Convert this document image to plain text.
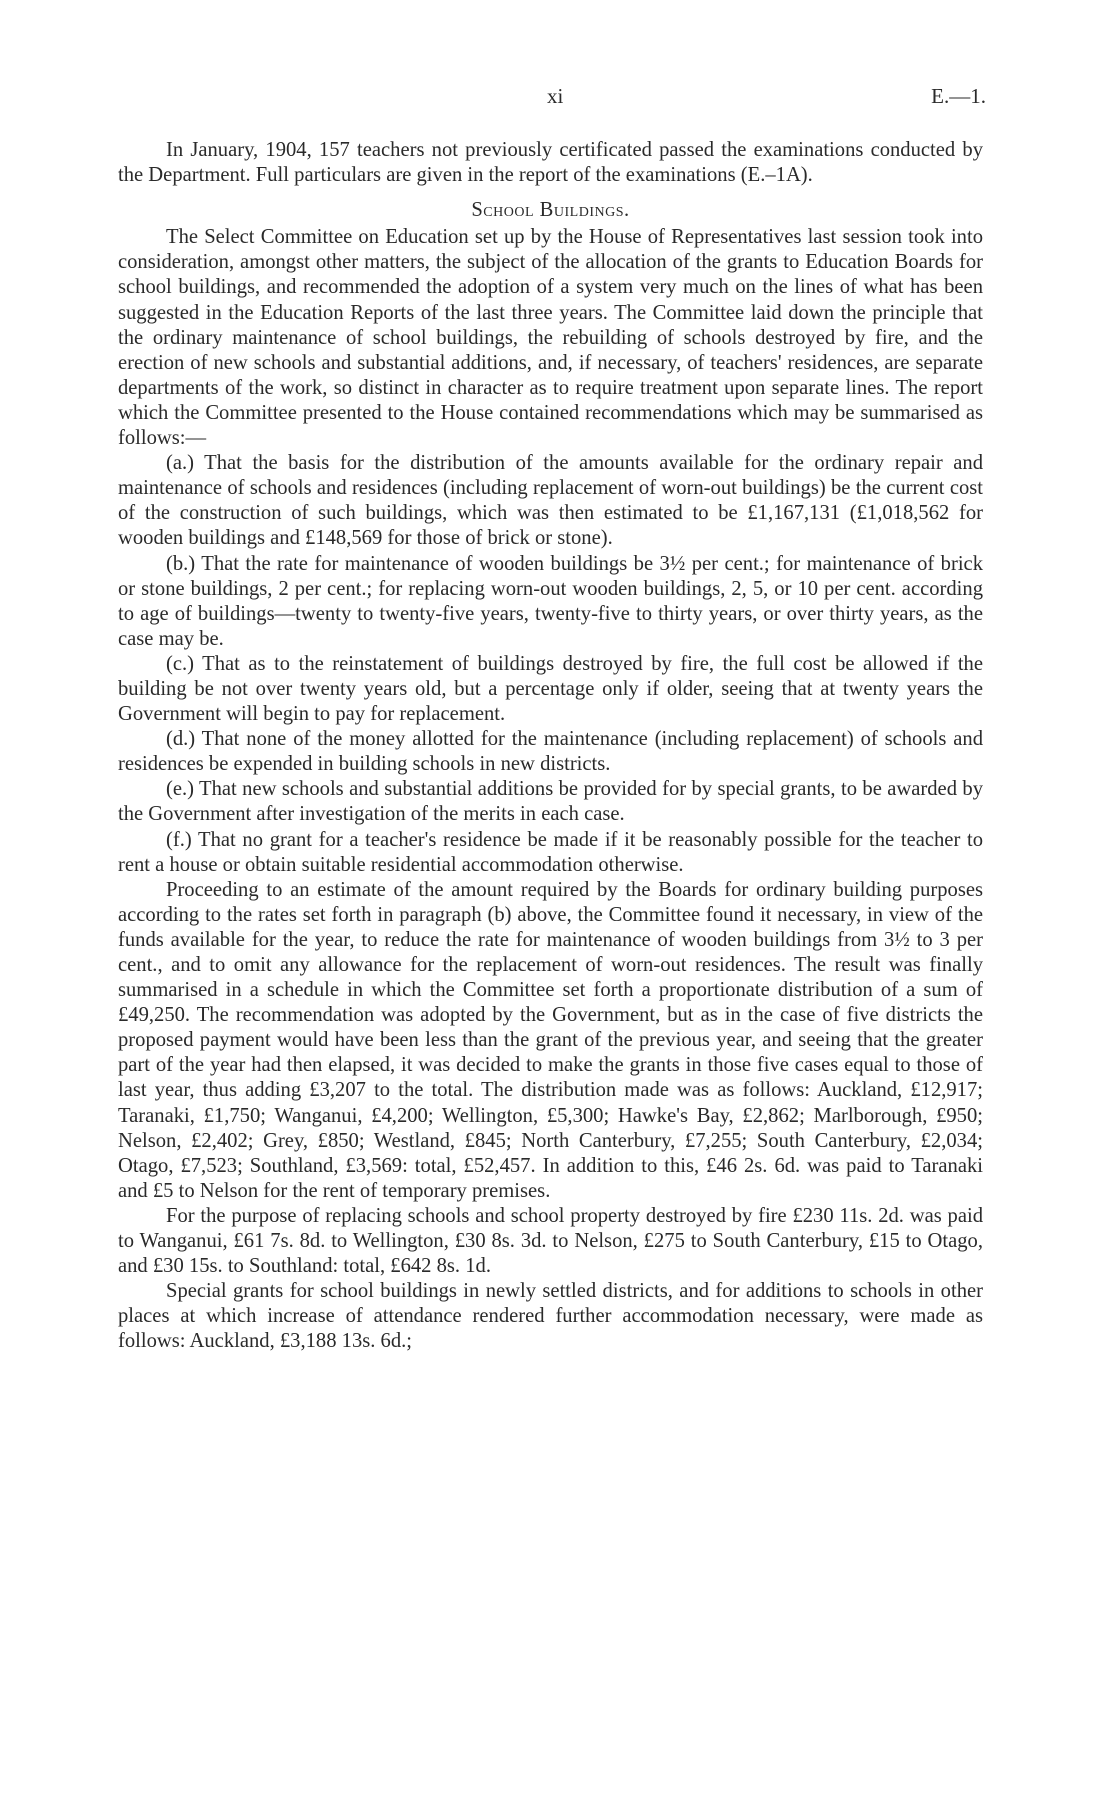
xi	E.—1.

In January, 1904, 157 teachers not previously certificated passed the examinations conducted by the Department. Full particulars are given in the report of the examinations (E.–1A).

School Buildings.

The Select Committee on Education set up by the House of Representatives last session took into consideration, amongst other matters, the subject of the allocation of the grants to Education Boards for school buildings, and recommended the adoption of a system very much on the lines of what has been suggested in the Education Reports of the last three years. The Committee laid down the principle that the ordinary maintenance of school buildings, the rebuilding of schools destroyed by fire, and the erection of new schools and substantial additions, and, if necessary, of teachers' residences, are separate departments of the work, so distinct in character as to require treatment upon separate lines. The report which the Committee presented to the House contained recommendations which may be summarised as follows:—

(a.) That the basis for the distribution of the amounts available for the ordinary repair and maintenance of schools and residences (including replacement of worn-out buildings) be the current cost of the construction of such buildings, which was then estimated to be £1,167,131 (£1,018,562 for wooden buildings and £148,569 for those of brick or stone).

(b.) That the rate for maintenance of wooden buildings be 3½ per cent.; for maintenance of brick or stone buildings, 2 per cent.; for replacing worn-out wooden buildings, 2, 5, or 10 per cent. according to age of buildings—twenty to twenty-five years, twenty-five to thirty years, or over thirty years, as the case may be.

(c.) That as to the reinstatement of buildings destroyed by fire, the full cost be allowed if the building be not over twenty years old, but a percentage only if older, seeing that at twenty years the Government will begin to pay for replacement.

(d.) That none of the money allotted for the maintenance (including replacement) of schools and residences be expended in building schools in new districts.

(e.) That new schools and substantial additions be provided for by special grants, to be awarded by the Government after investigation of the merits in each case.

(f.) That no grant for a teacher's residence be made if it be reasonably possible for the teacher to rent a house or obtain suitable residential accommodation otherwise.

Proceeding to an estimate of the amount required by the Boards for ordinary building purposes according to the rates set forth in paragraph (b) above, the Committee found it necessary, in view of the funds available for the year, to reduce the rate for maintenance of wooden buildings from 3½ to 3 per cent., and to omit any allowance for the replacement of worn-out residences. The result was finally summarised in a schedule in which the Committee set forth a proportionate distribution of a sum of £49,250. The recommendation was adopted by the Government, but as in the case of five districts the proposed payment would have been less than the grant of the previous year, and seeing that the greater part of the year had then elapsed, it was decided to make the grants in those five cases equal to those of last year, thus adding £3,207 to the total. The distribution made was as follows: Auckland, £12,917; Taranaki, £1,750; Wanganui, £4,200; Wellington, £5,300; Hawke's Bay, £2,862; Marlborough, £950; Nelson, £2,402; Grey, £850; Westland, £845; North Canterbury, £7,255; South Canterbury, £2,034; Otago, £7,523; Southland, £3,569: total, £52,457. In addition to this, £46 2s. 6d. was paid to Taranaki and £5 to Nelson for the rent of temporary premises.

For the purpose of replacing schools and school property destroyed by fire £230 11s. 2d. was paid to Wanganui, £61 7s. 8d. to Wellington, £30 8s. 3d. to Nelson, £275 to South Canterbury, £15 to Otago, and £30 15s. to Southland: total, £642 8s. 1d.

Special grants for school buildings in newly settled districts, and for additions to schools in other places at which increase of attendance rendered further accommodation necessary, were made as follows: Auckland, £3,188 13s. 6d.;
